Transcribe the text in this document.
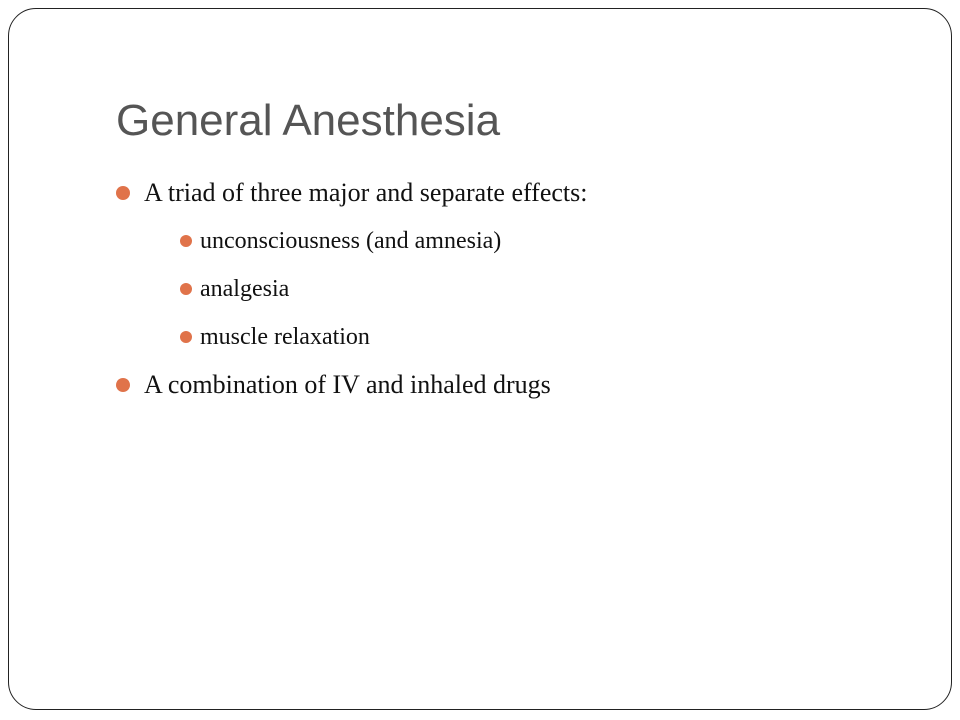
General Anesthesia
A triad of three major and separate effects:
unconsciousness (and amnesia)
analgesia
muscle relaxation
A combination of IV and inhaled drugs
